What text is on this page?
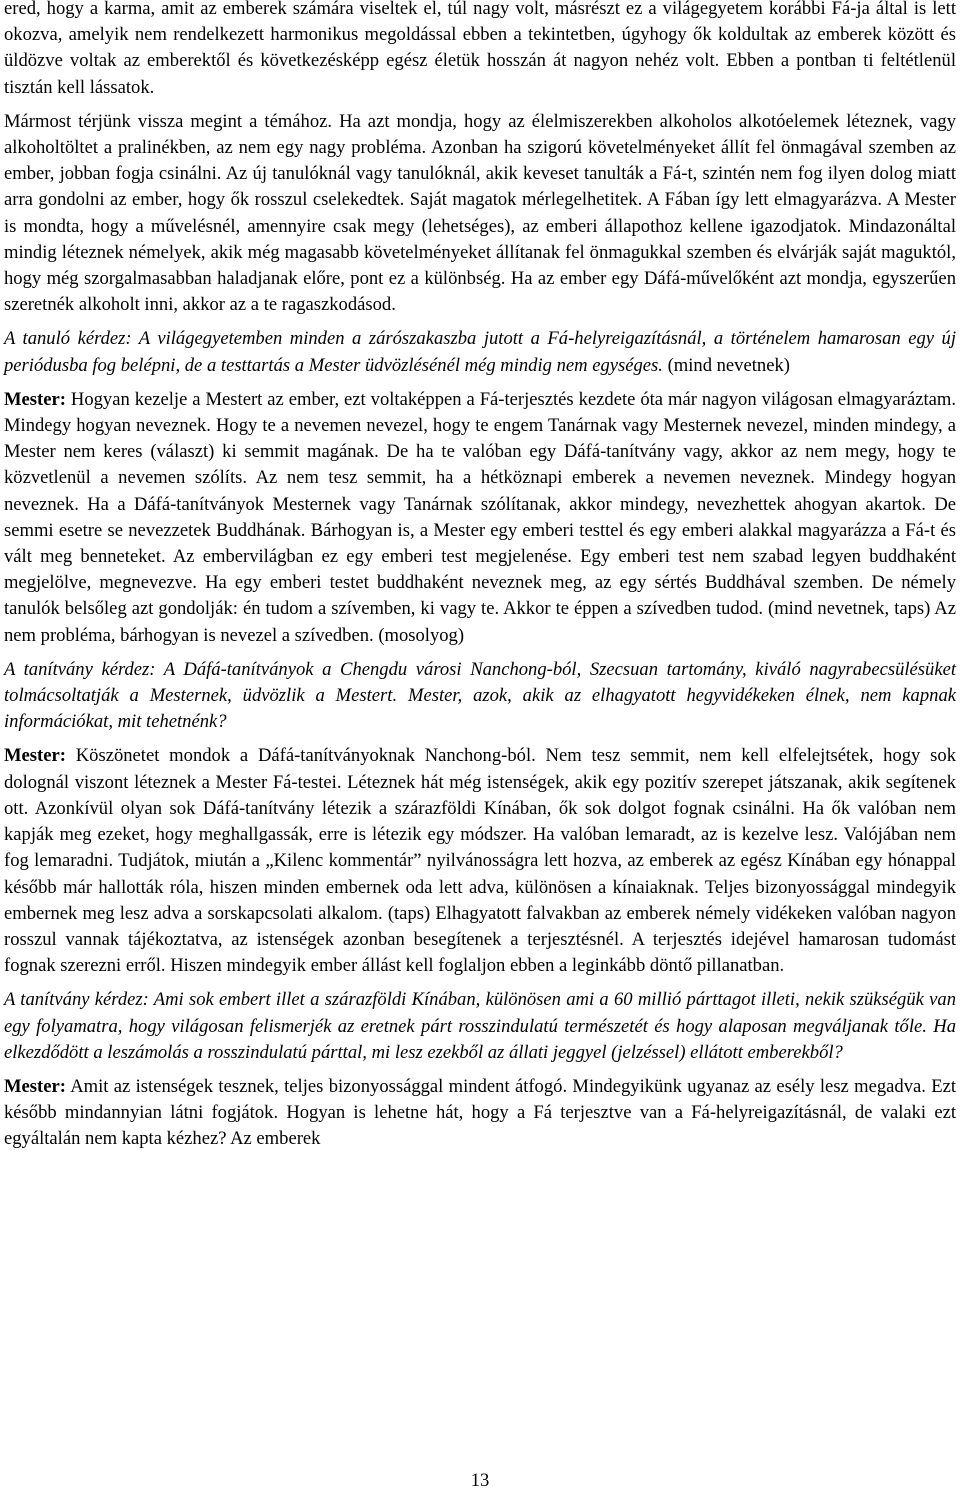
ered, hogy a karma, amit az emberek számára viseltek el, túl nagy volt, másrészt ez a világegyetem korábbi Fá-ja által is lett okozva, amelyik nem rendelkezett harmonikus megoldással ebben a tekintetben, úgyhogy ők koldultak az emberek között és üldözve voltak az emberektől és következésképp egész életük hosszán át nagyon nehéz volt. Ebben a pontban ti feltétlenül tisztán kell lássatok.

Mármost térjünk vissza megint a témához. Ha azt mondja, hogy az élelmiszerekben alkoholos alkotóelemek léteznek, vagy alkoholtöltet a pralinékben, az nem egy nagy probléma. Azonban ha szigorú követelményeket állít fel önmagával szemben az ember, jobban fogja csinálni. Az új tanulóknál vagy tanulóknál, akik keveset tanulták a Fá-t, szintén nem fog ilyen dolog miatt arra gondolni az ember, hogy ők rosszul cselekedtek. Saját magatok mérlegelhetitek. A Fában így lett elmagyarázva. A Mester is mondta, hogy a művelésnél, amennyire csak megy (lehetséges), az emberi állapothoz kellene igazodjatok. Mindazonáltal mindig léteznek némelyek, akik még magasabb követelményeket állítanak fel önmagukkal szemben és elvárják saját maguktól, hogy még szorgalmasabban haladjanak előre, pont ez a különbség. Ha az ember egy Dáfá-művelőként azt mondja, egyszerűen szeretnék alkoholt inni, akkor az a te ragaszkodásod.

A tanuló kérdez: A világegyetemben minden a zárószakaszba jutott a Fá-helyreigazításnál, a történelem hamarosan egy új periódusba fog belépni, de a testtartás a Mester üdvözlésénél még mindig nem egységes. (mind nevetnek)

Mester: Hogyan kezelje a Mestert az ember, ezt voltaképpen a Fá-terjesztés kezdete óta már nagyon világosan elmagyaráztam. Mindegy hogyan neveznek. Hogy te a nevemen nevezel, hogy te engem Tanárnak vagy Mesternek nevezel, minden mindegy, a Mester nem keres (választ) ki semmit magának. De ha te valóban egy Dáfá-tanítvány vagy, akkor az nem megy, hogy te közvetlenül a nevemen szólíts. Az nem tesz semmit, ha a hétköznapi emberek a nevemen neveznek. Mindegy hogyan neveznek. Ha a Dáfá-tanítványok Mesternek vagy Tanárnak szólítanak, akkor mindegy, nevezhettek ahogyan akartok. De semmi esetre se nevezzetek Buddhának. Bárhogyan is, a Mester egy emberi testtel és egy emberi alakkal magyarázza a Fá-t és vált meg benneteket. Az embervilágban ez egy emberi test megjelenése. Egy emberi test nem szabad legyen buddhaként megjelölve, megnevezve. Ha egy emberi testet buddhaként neveznek meg, az egy sértés Buddhával szemben. De némely tanulók belsőleg azt gondolják: én tudom a szívemben, ki vagy te. Akkor te éppen a szívedben tudod. (mind nevetnek, taps) Az nem probléma, bárhogyan is nevezel a szívedben. (mosolyog)

A tanítvány kérdez: A Dáfá-tanítványok a Chengdu városi Nanchong-ból, Szecsuan tartomány, kiváló nagyrabecsülésüket tolmácsoltatják a Mesternek, üdvözlik a Mestert. Mester, azok, akik az elhagyatott hegyvidékeken élnek, nem kapnak információkat, mit tehetnénk?

Mester: Köszönetet mondok a Dáfá-tanítványoknak Nanchong-ból. Nem tesz semmit, nem kell elfelejtsétek, hogy sok dolognál viszont léteznek a Mester Fá-testei. Léteznek hát még istenségek, akik egy pozitív szerepet játszanak, akik segítenek ott. Azonkívül olyan sok Dáfá-tanítvány létezik a szárazföldi Kínában, ők sok dolgot fognak csinálni. Ha ők valóban nem kapják meg ezeket, hogy meghallgassák, erre is létezik egy módszer. Ha valóban lemaradt, az is kezelve lesz. Valójában nem fog lemaradni. Tudjátok, miután a „Kilenc kommentár” nyilvánosságra lett hozva, az emberek az egész Kínában egy hónappal később már hallották róla, hiszen minden embernek oda lett adva, különösen a kínaiaknak. Teljes bizonyossággal mindegyik embernek meg lesz adva a sorskapcsolati alkalom. (taps) Elhagyatott falvakban az emberek némely vidékeken valóban nagyon rosszul vannak tájékoztatva, az istenségek azonban besegítenek a terjesztésnél. A terjesztés idejével hamarosan tudomást fognak szerezni erről. Hiszen mindegyik ember állást kell foglaljon ebben a leginkább döntő pillanatban.

A tanítvány kérdez: Ami sok embert illet a szárazföldi Kínában, különösen ami a 60 millió párttagot illeti, nekik szükségük van egy folyamatra, hogy világosan felismerjék az eretnek párt rosszindulatú természetét és hogy alaposan megváljanak tőle. Ha elkezdődött a leszámolás a rosszindulatú párttal, mi lesz ezekből az állati jeggyel (jelzéssel) ellátott emberekből?

Mester: Amit az istenségek tesznek, teljes bizonyossággal mindent átfogó. Mindegyikünk ugyanaz az esély lesz megadva. Ezt később mindannyian látni fogjátok. Hogyan is lehetne hát, hogy a Fá terjesztve van a Fá-helyreigazításnál, de valaki ezt egyáltalán nem kapta kézhez? Az emberek

13
